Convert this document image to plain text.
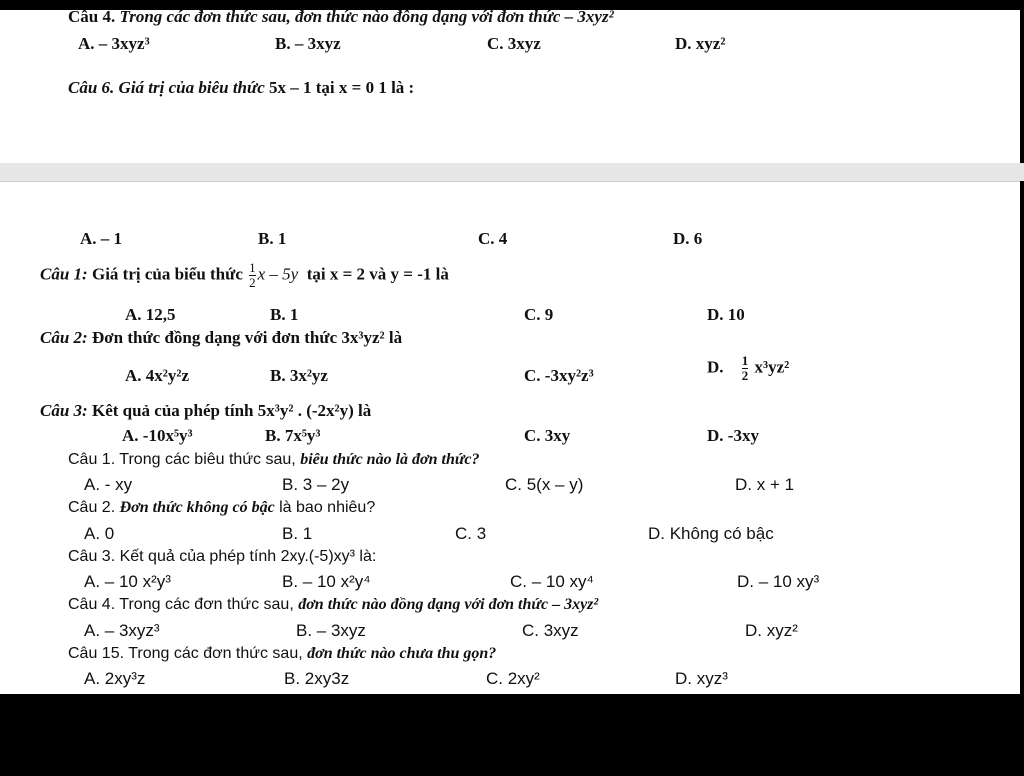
Câu 4. Trong các đơn thức sau, đơn thức nào đông dạng với đơn thức – 3xyz²
A. – 3xyz³	B. – 3xyz	C. 3xyz	D. xyz²
Câu 6. Giá trị của biêu thức 5x – 1 tại x = 0 1 là :
A. – 1	B. 1	C. 4	D. 6
Câu 1: Giá trị của biểu thức $\frac{1}{2}$ x – 5y tại x = 2 và y = -1 là
A. 12,5	B. 1	C. 9	D. 10
Câu 2: Đơn thức đồng dạng với đơn thức 3x³yz² là
A. 4x²y²z	B. 3x²yz	C. -3xy²z³	D. $\frac{1}{2} x^3yz^2$
Câu 3: Kêt quả của phép tính 5x³y² . (-2x²y) là
A. -10x⁵y³	B. 7x⁵y³	C. 3xy	D. -3xy
Câu 1. Trong các biêu thức sau, biêu thức nào là đơn thức?
A. - xy	B. 3 – 2y	C. 5(x – y)	D. x + 1
Câu 2. Đơn thức không có bậc là bao nhiêu?
A. 0	B. 1	C. 3	D. Không có bậc
Câu 3. Kết quả của phép tính 2xy.(-5)xy³ là:
A. – 10 x²y³	B. – 10 x²y⁴	C. – 10 xy⁴	D. – 10 xy³
Câu 4. Trong các đơn thức sau, đơn thức nào đồng dạng với đơn thức – 3xyz²
A. – 3xyz³	B. – 3xyz	C. 3xyz	D. xyz²
Câu 15. Trong các đơn thức sau, đơn thức nào chưa thu gọn?
A. 2xy³z	B. 2xy3z	C. 2xy²	D. xyz³
